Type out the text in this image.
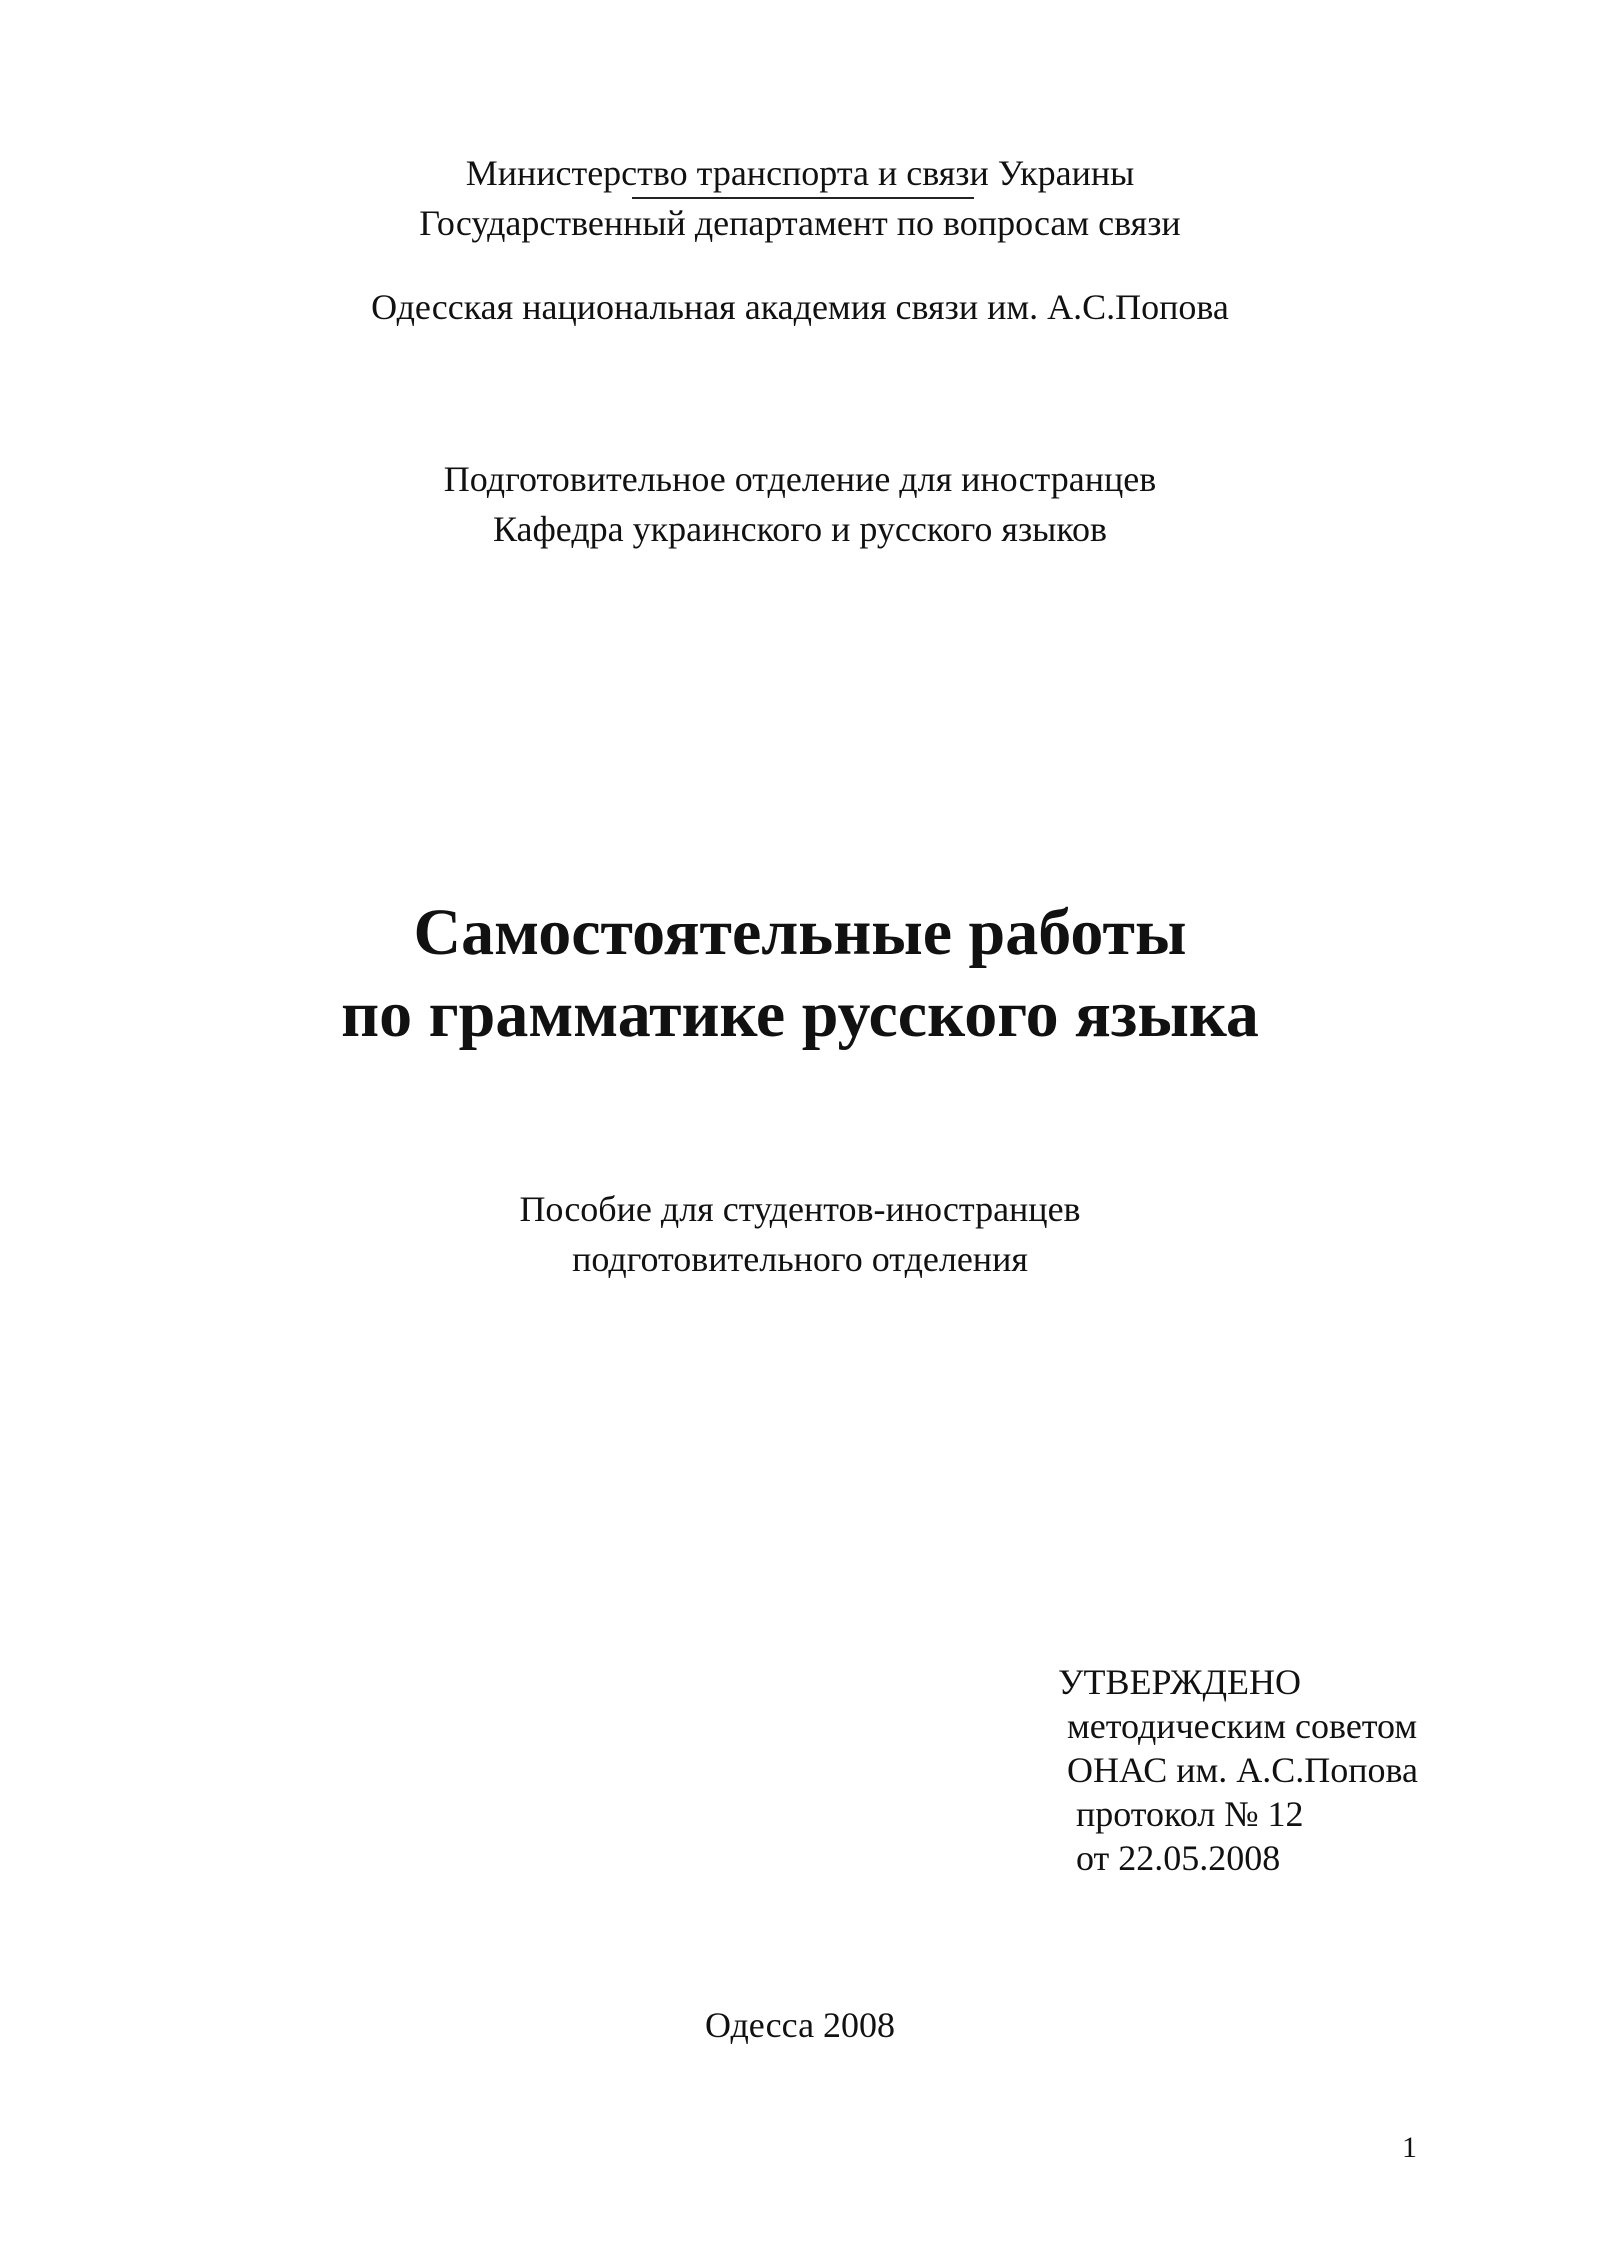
Министерство транспорта и связи Украины
Государственный департамент по вопросам связи
Одесская национальная академия связи им. А.С.Попова
Подготовительное отделение для иностранцев
Кафедра украинского и русского языков
Самостоятельные работы
по грамматике русского языка
Пособие для студентов-иностранцев
подготовительного отделения
УТВЕРЖДЕНО
методическим советом
ОНАС им. А.С.Попова
протокол № 12
от 22.05.2008
Одесса 2008
1
